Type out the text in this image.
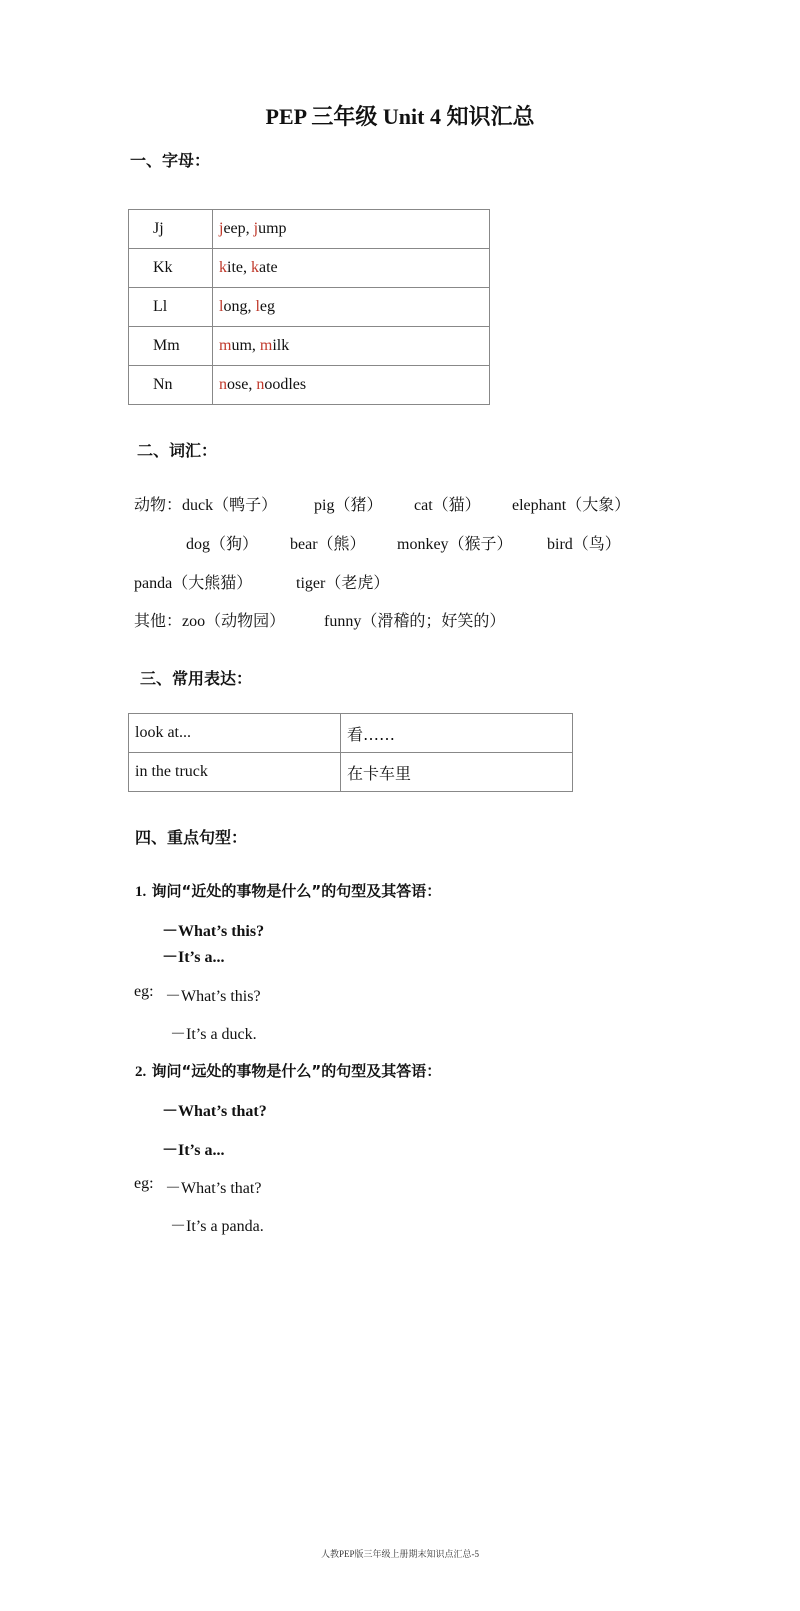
PEP 三年级 Unit 4 知识汇总
一、字母：
Jj	jeep, jump
Kk	kite, kate
Ll	long, leg
Mm	mum, milk
Nn	nose, noodles
二、词汇：
动物：duck（鸭子） pig（猪） cat（猫） elephant（大象）
dog（狗） bear（熊） monkey（猴子） bird（鸟）
panda（大熊猫）	tiger（老虎）
其他：zoo（动物园） funny（滑稽的；好笑的）
三、常用表达：
look at...	看……
in the truck	在卡车里
四、重点句型：
1. 询问“近处的事物是什么”的句型及其答语：
－What’s this?
－It’s a...
eg: －What’s this?
－It’s a duck.
2. 询问“远处的事物是什么”的句型及其答语：
－What’s that?
－It’s a...
eg: －What’s that?
－It’s a panda.
人教PEP版三年级上册期末知识点汇总-5
